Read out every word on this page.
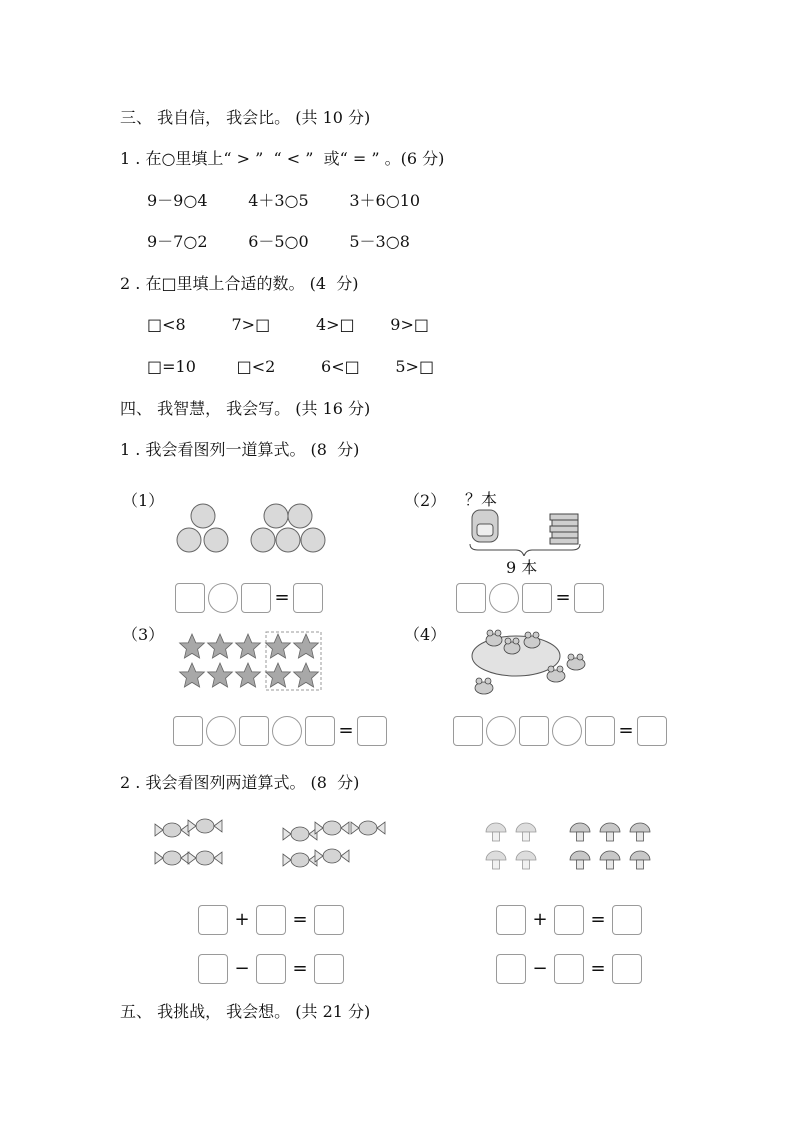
三、 我自信， 我会比。 (共 10 分)
1 . 在○里填上“ > ”  “ < ”  或“ = ” 。(6 分)
9－9○4        4＋3○5        3＋6○10
9－7○2        6－5○0        5－3○8
2 . 在□里填上合适的数。 (4  分)
□<8         7>□         4>□       9>□
□=10        □<2         6<□       5>□
四、 我智慧， 我会写。 (共 16 分)
1 . 我会看图列一道算式。 (8  分)
（1）	（2） ？本
9 本
=	=
（3）	（4）
=	=
2 . 我会看图列两道算式。 (8  分)
+ =
− =
+ =
− =
五、 我挑战， 我会想。 (共 21 分)
